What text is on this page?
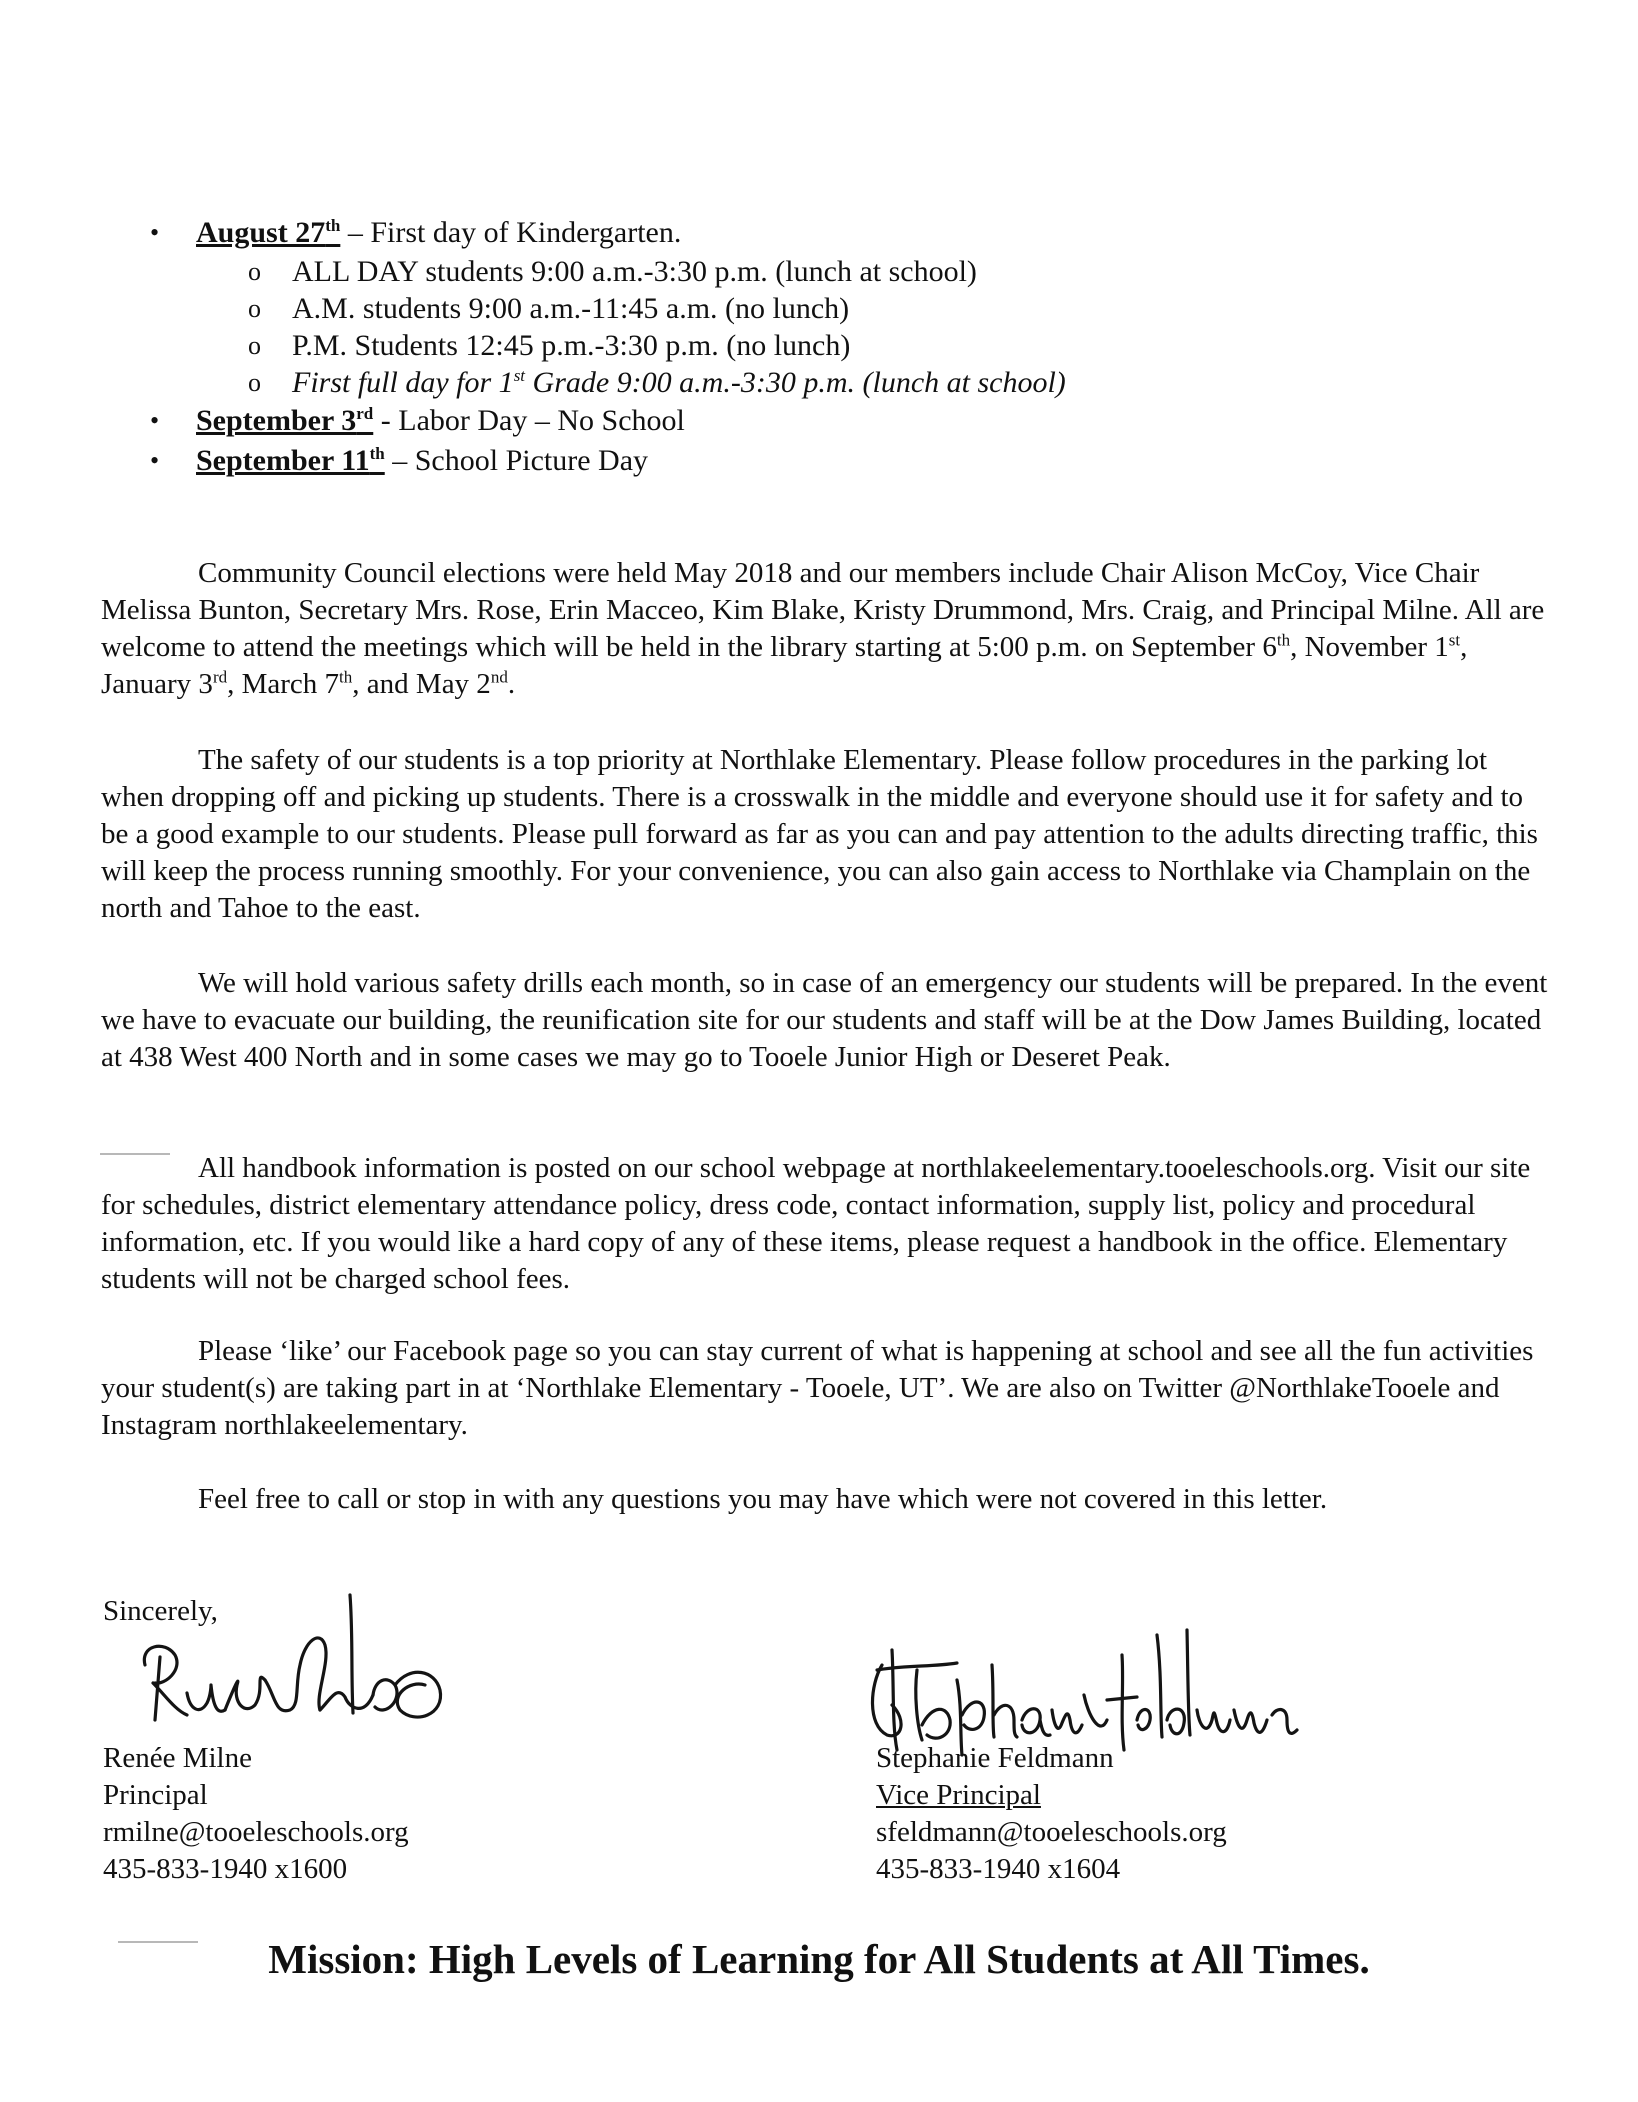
• August 27th – First day of Kindergarten.
o ALL DAY students 9:00 a.m.-3:30 p.m. (lunch at school)
o A.M. students 9:00 a.m.-11:45 a.m. (no lunch)
o P.M. Students 12:45 p.m.-3:30 p.m. (no lunch)
o First full day for 1st Grade 9:00 a.m.-3:30 p.m. (lunch at school)
• September 3rd - Labor Day – No School
• September 11th – School Picture Day

Community Council elections were held May 2018 and our members include Chair Alison McCoy, Vice Chair Melissa Bunton, Secretary Mrs. Rose, Erin Macceo, Kim Blake, Kristy Drummond, Mrs. Craig, and Principal Milne. All are welcome to attend the meetings which will be held in the library starting at 5:00 p.m. on September 6th, November 1st, January 3rd, March 7th, and May 2nd.

The safety of our students is a top priority at Northlake Elementary. Please follow procedures in the parking lot when dropping off and picking up students. There is a crosswalk in the middle and everyone should use it for safety and to be a good example to our students. Please pull forward as far as you can and pay attention to the adults directing traffic, this will keep the process running smoothly. For your convenience, you can also gain access to Northlake via Champlain on the north and Tahoe to the east.

We will hold various safety drills each month, so in case of an emergency our students will be prepared. In the event we have to evacuate our building, the reunification site for our students and staff will be at the Dow James Building, located at 438 West 400 North and in some cases we may go to Tooele Junior High or Deseret Peak.

All handbook information is posted on our school webpage at northlakeelementary.tooeleschools.org. Visit our site for schedules, district elementary attendance policy, dress code, contact information, supply list, policy and procedural information, etc. If you would like a hard copy of any of these items, please request a handbook in the office. Elementary students will not be charged school fees.

Please ‘like’ our Facebook page so you can stay current of what is happening at school and see all the fun activities your student(s) are taking part in at ‘Northlake Elementary - Tooele, UT’. We are also on Twitter @NorthlakeTooele and Instagram northlakeelementary.

Feel free to call or stop in with any questions you may have which were not covered in this letter.

Sincerely,
Renée Milne
Principal
rmilne@tooeleschools.org
435-833-1940 x1600
Stephanie Feldmann
Vice Principal
sfeldmann@tooeleschools.org
435-833-1940 x1604
Mission: High Levels of Learning for All Students at All Times.
